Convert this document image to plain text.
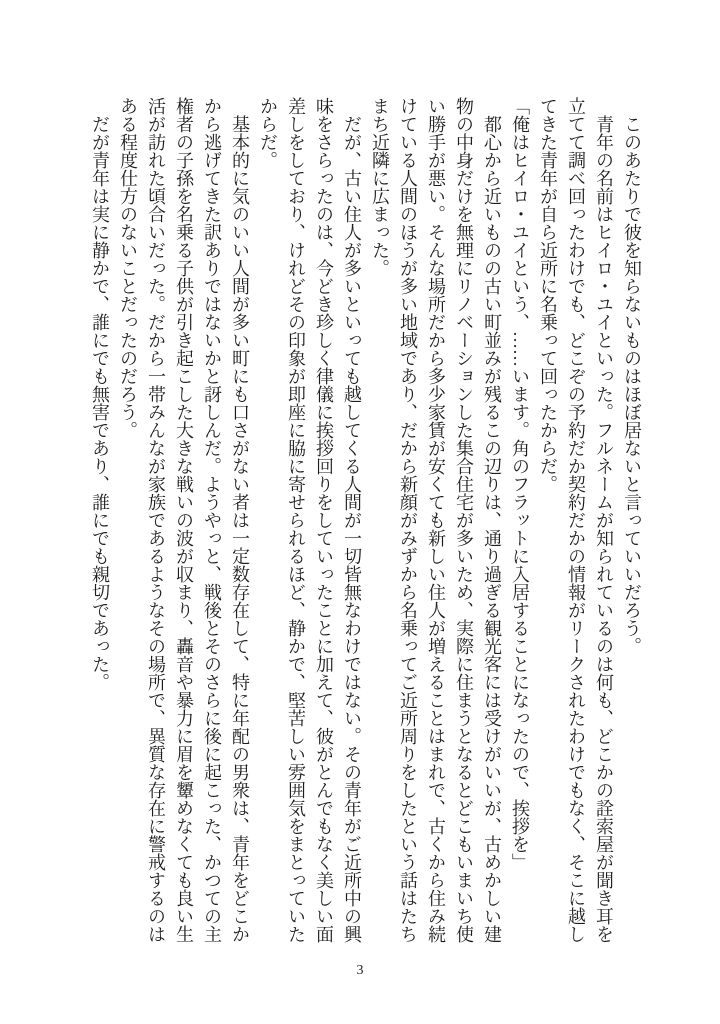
このあたりで彼を知らないものはほぼ居ないと言っていいだろう。

青年の名前はヒイロ・ユイといった。フルネームが知られているのは何も、どこかの詮索屋が聞き耳を立てて調べ回ったわけでも、どこぞの予約だか契約だかの情報がリークされたわけでもなく、そこに越してきた青年が自ら近所に名乗って回ったからだ。

「俺はヒイロ・ユイという、……います。角のフラットに入居することになったので、挨拶を」

都心から近いものの古い町並みが残るこの辺りは、通り過ぎる観光客には受けがいいが、古めかしい建物の中身だけを無理にリノベーションした集合住宅が多いため、実際に住まうとなるとどこもいまいち使い勝手が悪い。そんな場所だから多少家賃が安くても新しい住人が増えることはまれで、古くから住み続けている人間のほうが多い地域であり、だから新顔がみずから名乗ってご近所周りをしたという話はたちまち近隣に広まった。

だが、古い住人が多いといっても越してくる人間が一切皆無なわけではない。その青年がご近所中の興味をさらったのは、今どき珍しく律儀に挨拶回りをしていったことに加えて、彼がとんでもなく美しい面差しをしており、けれどその印象が即座に脇に寄せられるほど、静かで、堅苦しい雰囲気をまとっていたからだ。

基本的に気のいい人間が多い町にも口さがない者は一定数存在して、特に年配の男衆は、青年をどこかから逃げてきた訳ありではないかと訝しんだ。ようやっと、戦後とそのさらに後に起こった、かつての主権者の子孫を名乗る子供が引き起こした大きな戦いの波が収まり、轟音や暴力に眉を顰めなくても良い生活が訪れた頃合いだった。だから一帯みんなが家族であるようなその場所で、異質な存在に警戒するのはある程度仕方のないことだったのだろう。

だが青年は実に静かで、誰にでも無害であり、誰にでも親切であった。

3
